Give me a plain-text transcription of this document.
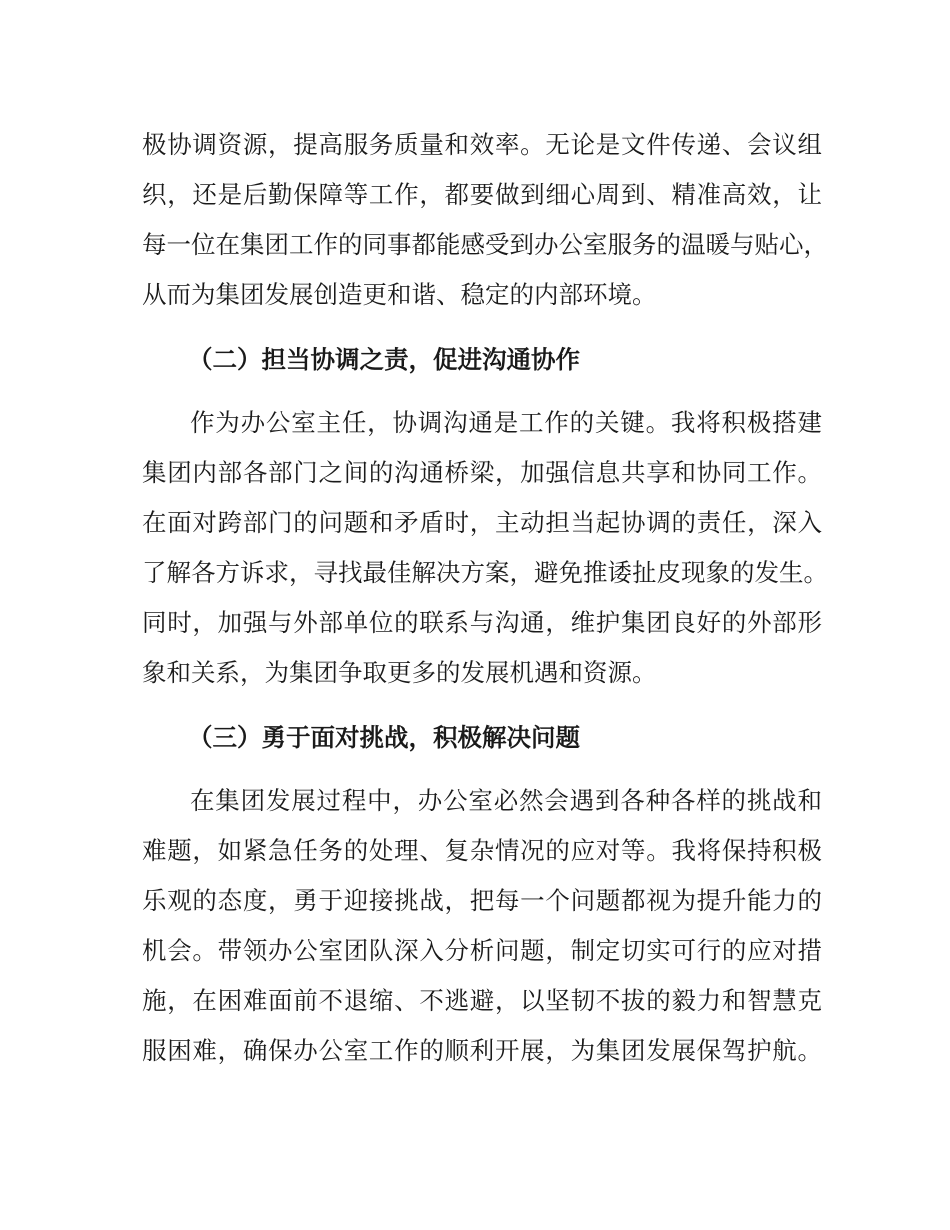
极协调资源，提高服务质量和效率。无论是文件传递、会议组
织，还是后勤保障等工作，都要做到细心周到、精准高效，让
每一位在集团工作的同事都能感受到办公室服务的温暖与贴心，
从而为集团发展创造更和谐、稳定的内部环境。
（二）担当协调之责，促进沟通协作
作为办公室主任，协调沟通是工作的关键。我将积极搭建
集团内部各部门之间的沟通桥梁，加强信息共享和协同工作。
在面对跨部门的问题和矛盾时，主动担当起协调的责任，深入
了解各方诉求，寻找最佳解决方案，避免推诿扯皮现象的发生。
同时，加强与外部单位的联系与沟通，维护集团良好的外部形
象和关系，为集团争取更多的发展机遇和资源。
（三）勇于面对挑战，积极解决问题
在集团发展过程中，办公室必然会遇到各种各样的挑战和
难题，如紧急任务的处理、复杂情况的应对等。我将保持积极
乐观的态度，勇于迎接挑战，把每一个问题都视为提升能力的
机会。带领办公室团队深入分析问题，制定切实可行的应对措
施，在困难面前不退缩、不逃避，以坚韧不拔的毅力和智慧克
服困难，确保办公室工作的顺利开展，为集团发展保驾护航。
